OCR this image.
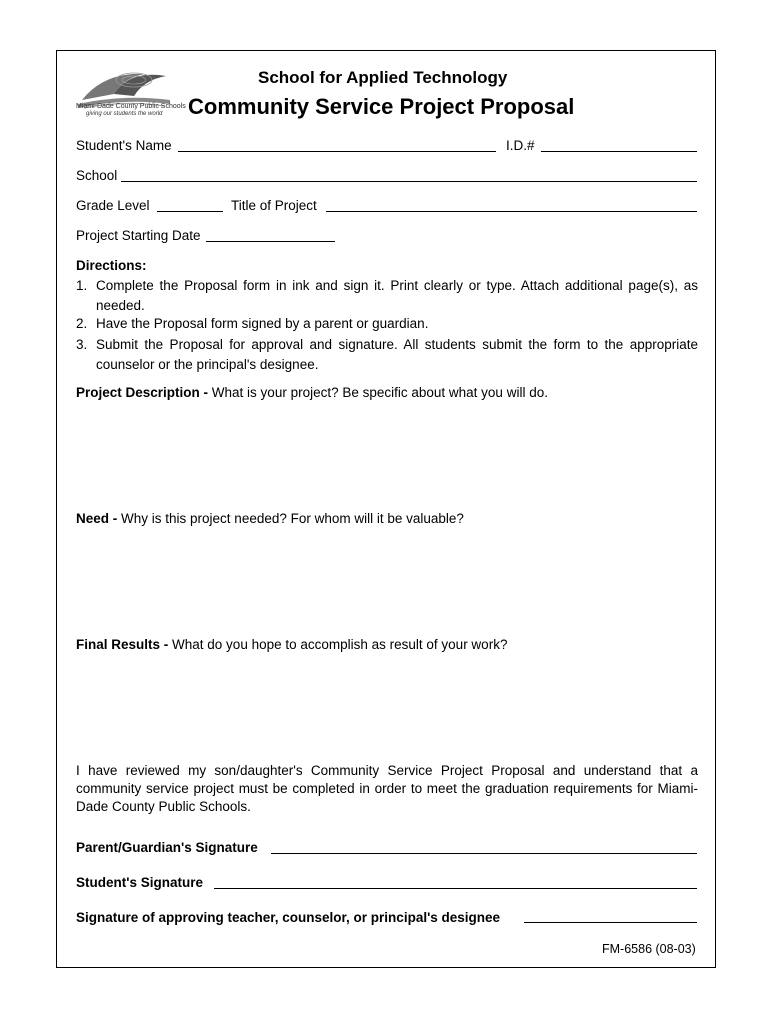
Miami-Dade County Public Schools
giving our students the world
School for Applied Technology
Community Service Project Proposal
Student's Name	I.D.#
School
Grade Level	Title of Project
Project Starting Date
Directions:
1. Complete the Proposal form in ink and sign it. Print clearly or type. Attach additional page(s), as needed.
2. Have the Proposal form signed by a parent or guardian.
3. Submit the Proposal for approval and signature. All students submit the form to the appropriate counselor or the principal's designee.
Project Description - What is your project? Be specific about what you will do.
Need - Why is this project needed? For whom will it be valuable?
Final Results - What do you hope to accomplish as result of your work?
I have reviewed my son/daughter's Community Service Project Proposal and understand that a community service project must be completed in order to meet the graduation requirements for Miami-Dade County Public Schools.
Parent/Guardian's Signature
Student's Signature
Signature of approving teacher, counselor, or principal's designee
FM-6586 (08-03)
